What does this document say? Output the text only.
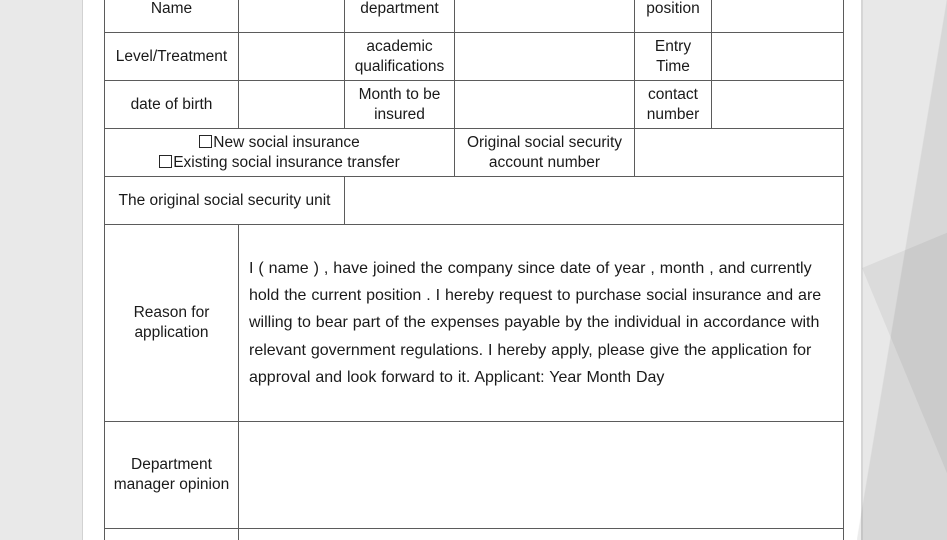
Name		department		position	
Level/Treatment		academic qualifications		Entry Time	
date of birth		Month to be insured		contact number	
New social insurance Existing social insurance transfer			Original social security account number		
The original social security unit					
Reason for application	I ( name ) , have joined the company since date of year , month , and currently hold the current position . I hereby request to purchase social insurance and are willing to bear part of the expenses payable by the individual in accordance with relevant government regulations. I hereby apply, please give the application for approval and look forward to it. Applicant: Year Month Day				
Department manager opinion					
